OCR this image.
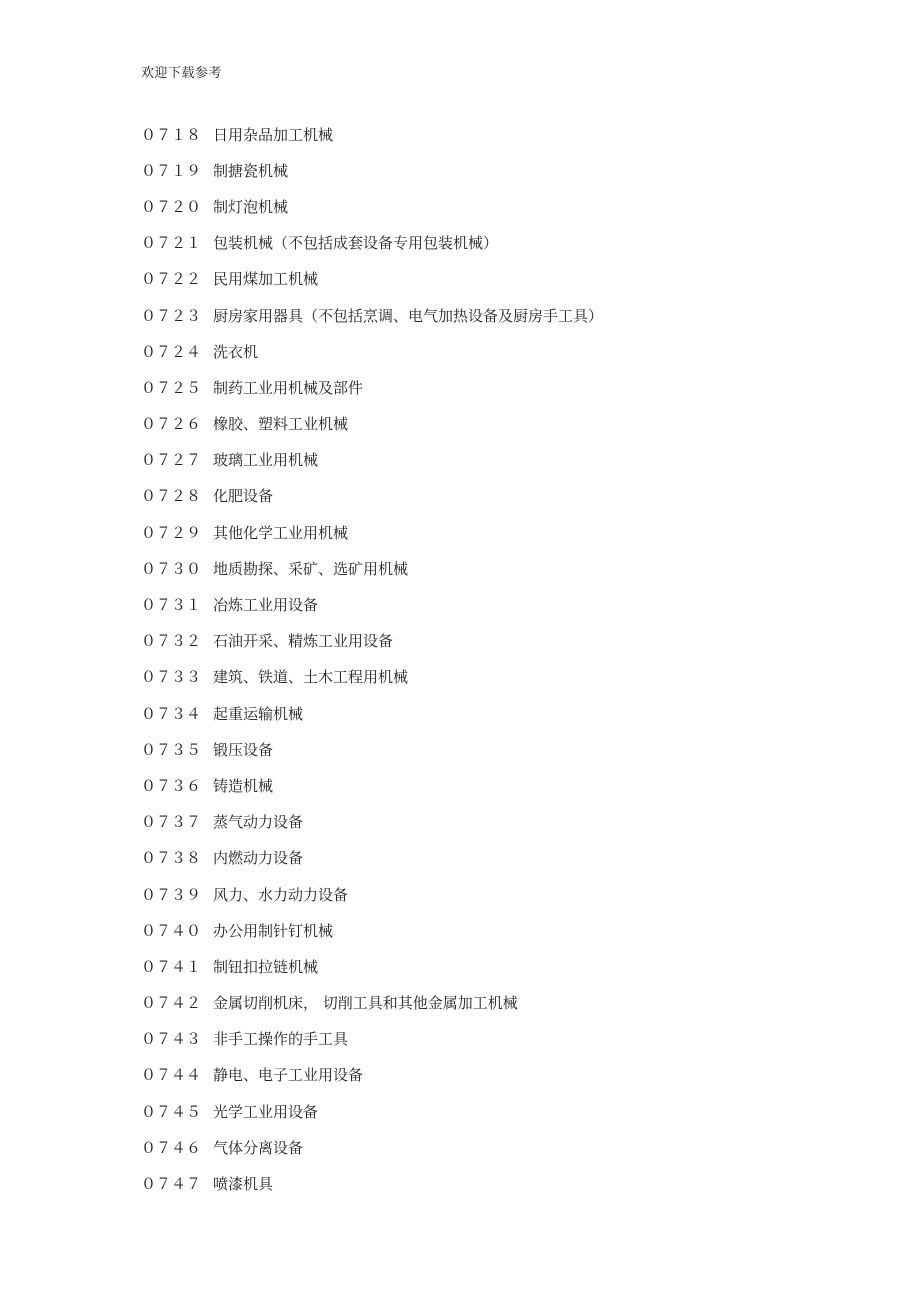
欢迎下载参考
０７１８ 日用杂品加工机械
０７１９ 制搪瓷机械
０７２０ 制灯泡机械
０７２１ 包装机械（不包括成套设备专用包装机械）
０７２２ 民用煤加工机械
０７２３ 厨房家用器具（不包括烹调、电气加热设备及厨房手工具）
０７２４ 洗衣机
０７２５ 制药工业用机械及部件
０７２６ 橡胶、塑料工业机械
０７２７ 玻璃工业用机械
０７２８ 化肥设备
０７２９ 其他化学工业用机械
０７３０ 地质勘探、采矿、选矿用机械
０７３１ 冶炼工业用设备
０７３２ 石油开采、精炼工业用设备
０７３３ 建筑、铁道、土木工程用机械
０７３４ 起重运输机械
０７３５ 锻压设备
０７３６ 铸造机械
０７３７ 蒸气动力设备
０７３８ 内燃动力设备
０７３９ 风力、水力动力设备
０７４０ 办公用制针钉机械
０７４１ 制钮扣拉链机械
０７４２ 金属切削机床， 切削工具和其他金属加工机械
０７４３ 非手工操作的手工具
０７４４ 静电、电子工业用设备
０７４５ 光学工业用设备
０７４６ 气体分离设备
０７４７ 喷漆机具
